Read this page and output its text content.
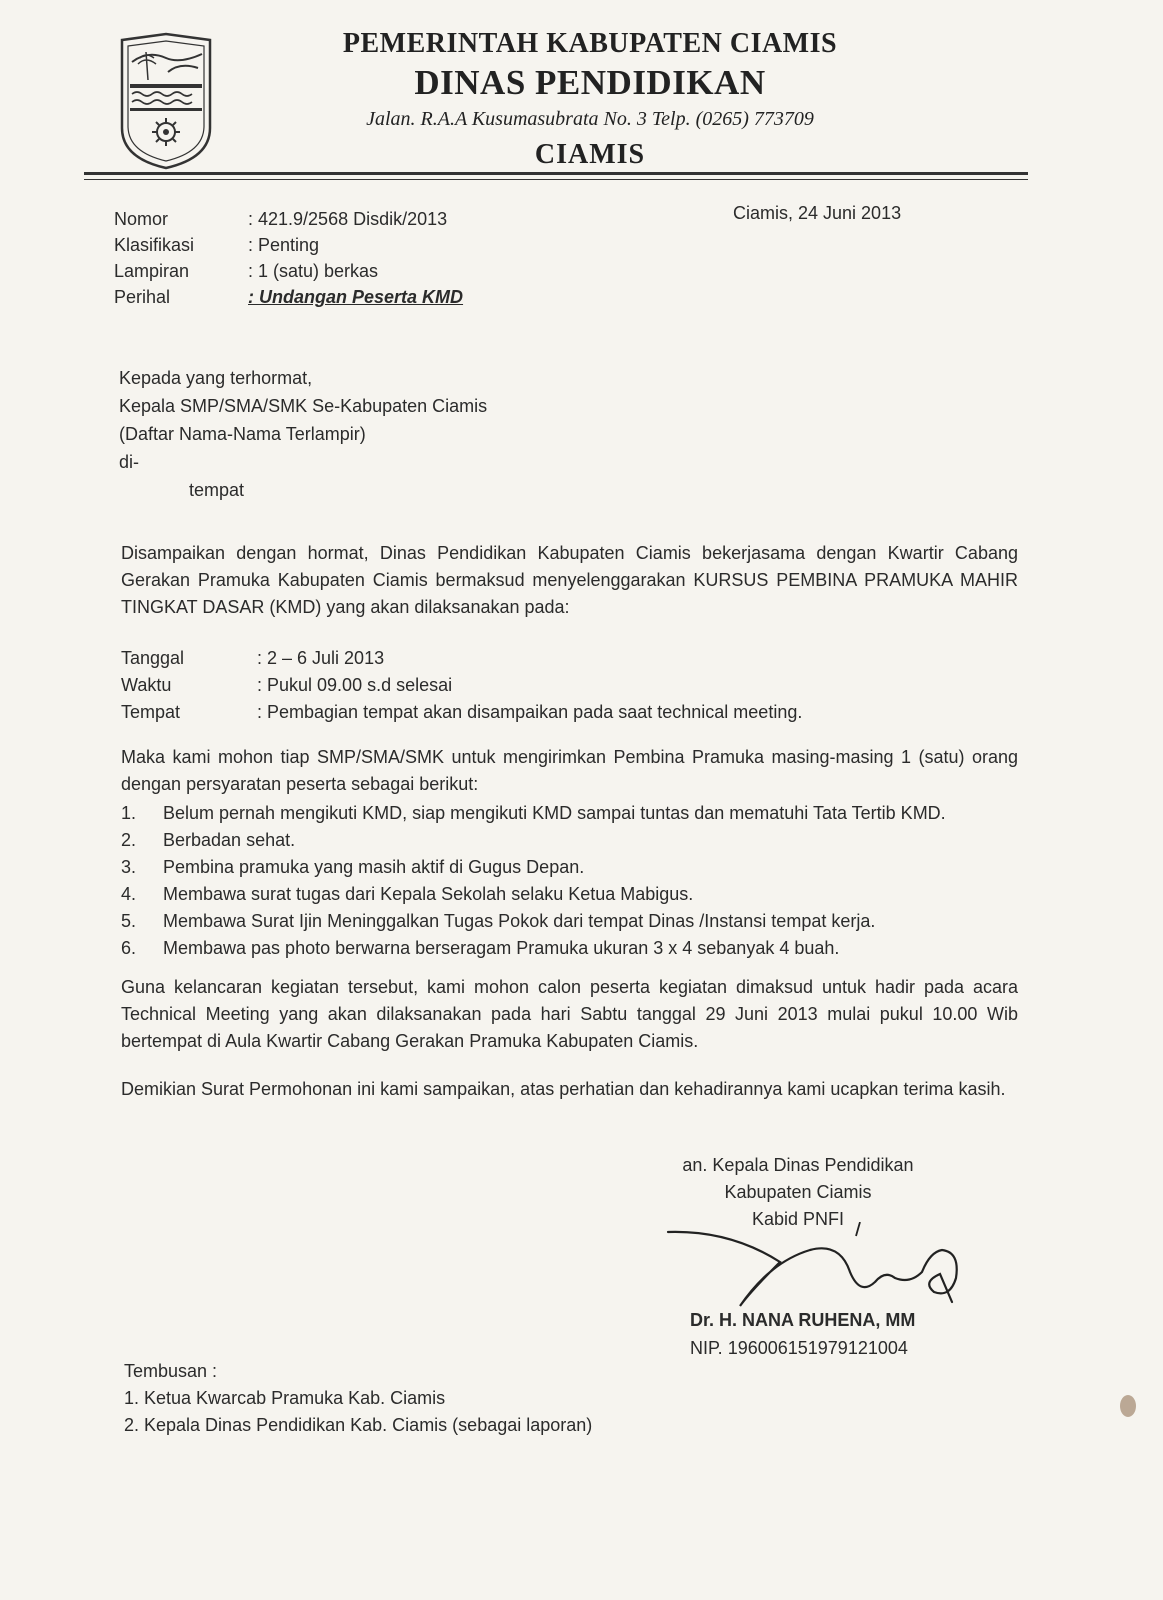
PEMERINTAH KABUPATEN CIAMIS
DINAS PENDIDIKAN
Jalan. R.A.A Kusumasubrata No. 3 Telp. (0265) 773709
CIAMIS
Nomor	: 421.9/2568 Disdik/2013
Klasifikasi	: Penting
Lampiran	: 1 (satu) berkas
Perihal	: Undangan Peserta KMD
Ciamis, 24 Juni 2013
Kepada yang terhormat,
Kepala SMP/SMA/SMK Se-Kabupaten Ciamis
(Daftar Nama-Nama Terlampir)
di-
tempat
Disampaikan dengan hormat, Dinas Pendidikan Kabupaten Ciamis bekerjasama dengan Kwartir Cabang Gerakan Pramuka Kabupaten Ciamis bermaksud menyelenggarakan KURSUS PEMBINA PRAMUKA MAHIR TINGKAT DASAR (KMD) yang akan dilaksanakan pada:
Tanggal	: 2 – 6 Juli 2013
Waktu	: Pukul 09.00 s.d selesai
Tempat	: Pembagian tempat akan disampaikan pada saat technical meeting.
Maka kami mohon tiap SMP/SMA/SMK untuk mengirimkan Pembina Pramuka masing-masing 1 (satu) orang dengan persyaratan peserta sebagai berikut:
1.	Belum pernah mengikuti KMD, siap mengikuti KMD sampai tuntas dan mematuhi Tata Tertib KMD.
2.	Berbadan sehat.
3.	Pembina pramuka yang masih aktif di Gugus Depan.
4.	Membawa surat tugas dari Kepala Sekolah selaku Ketua Mabigus.
5.	Membawa Surat Ijin Meninggalkan Tugas Pokok dari tempat Dinas /Instansi tempat kerja.
6.	Membawa pas photo berwarna berseragam Pramuka ukuran 3 x 4 sebanyak 4 buah.
Guna kelancaran kegiatan tersebut, kami mohon calon peserta kegiatan dimaksud untuk hadir pada acara Technical Meeting yang akan dilaksanakan pada hari Sabtu tanggal 29 Juni 2013 mulai pukul 10.00 Wib bertempat di Aula Kwartir Cabang Gerakan Pramuka Kabupaten Ciamis.
Demikian Surat Permohonan ini kami sampaikan, atas perhatian dan kehadirannya kami ucapkan terima kasih.
an. Kepala Dinas Pendidikan
Kabupaten Ciamis
Kabid PNFI
Dr. H. NANA RUHENA, MM
NIP. 196006151979121004
Tembusan :
1. Ketua Kwarcab Pramuka Kab. Ciamis
2. Kepala Dinas Pendidikan Kab. Ciamis (sebagai laporan)
